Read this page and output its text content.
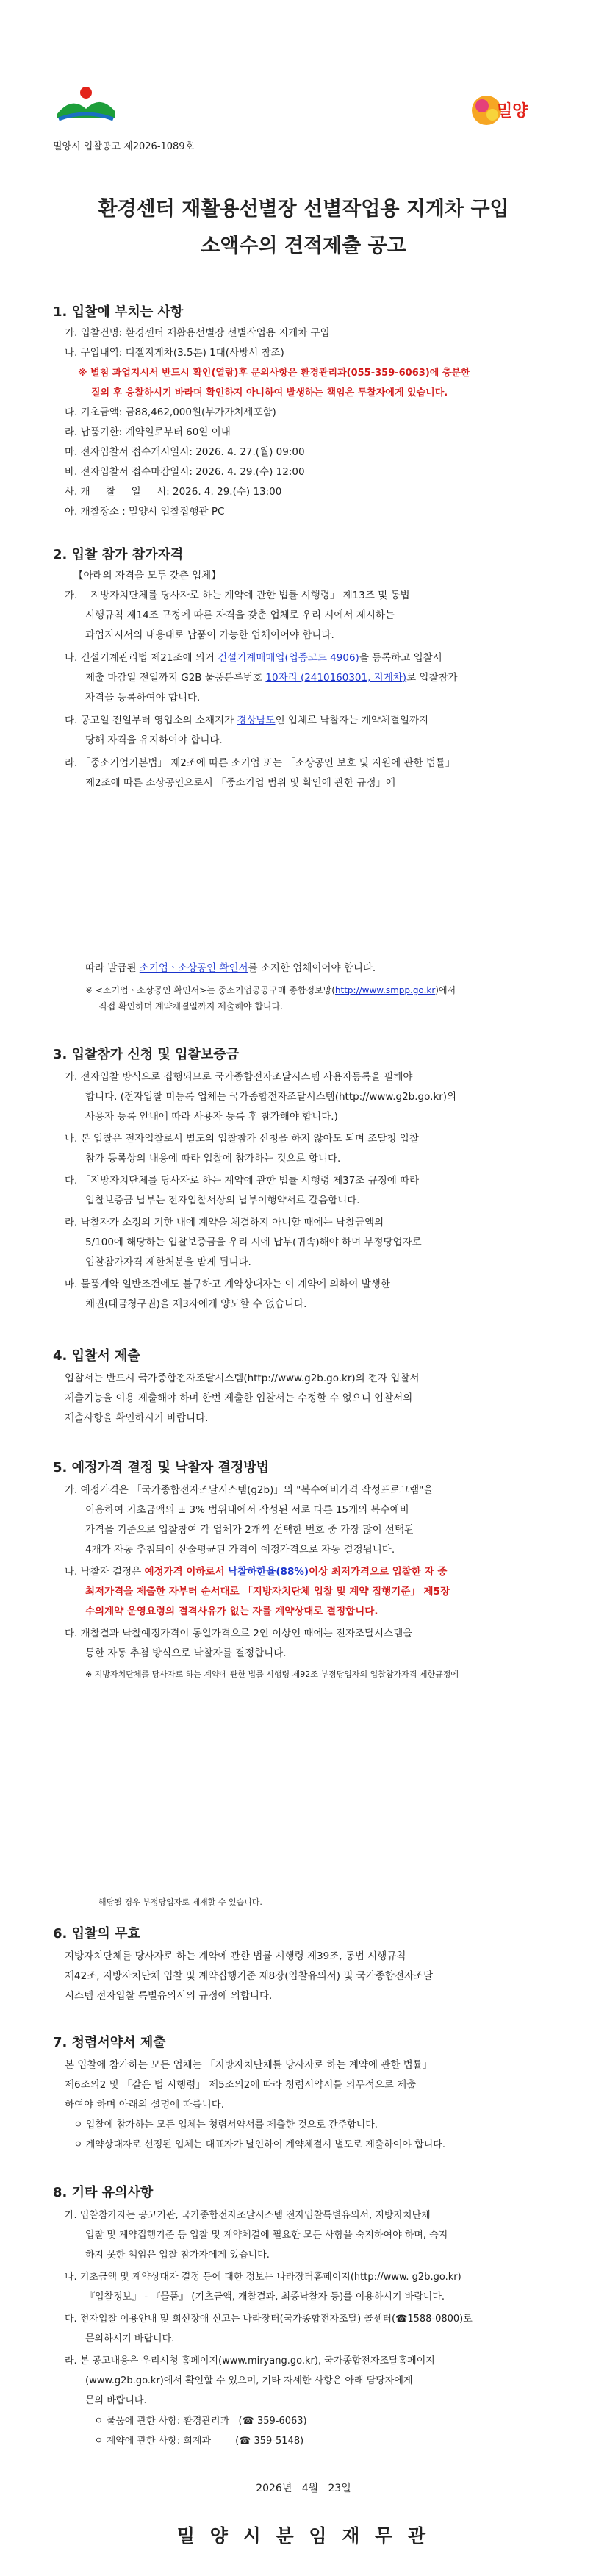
밀양시 입찰공고 제2026-1089호
밀양
환경센터 재활용선별장 선별작업용 지게차 구입
소액수의 견적제출 공고
1. 입찰에 부치는 사항
가. 입찰건명: 환경센터 재활용선별장 선별작업용 지게차 구입
나. 구입내역: 디젤지게차(3.5톤) 1대(사방서 참조)
※ 별첨 과업지시서 반드시 확인(열람)후 문의사항은 환경관리과(055-359-6063)에 충분한
질의 후 응찰하시기 바라며 확인하지 아니하여 발생하는 책임은 투찰자에게 있습니다.
다. 기초금액: 금88,462,000원(부가가치세포함)
라. 납품기한: 계약일로부터 60일 이내
마. 전자입찰서 접수개시일시: 2026. 4. 27.(월) 09:00
바. 전자입찰서 접수마감일시: 2026. 4. 29.(수) 12:00
사. 개     찰     일     시: 2026. 4. 29.(수) 13:00
아. 개찰장소 : 밀양시 입찰집행관 PC
2. 입찰 참가 참가자격
【아래의 자격을 모두 갖춘 업체】
가. 「지방자치단체를 당사자로 하는 계약에 관한 법률 시행령」 제13조 및 동법
시행규칙 제14조 규정에 따른 자격을 갖춘 업체로 우리 시에서 제시하는
과업지시서의 내용대로 납품이 가능한 업체이어야 합니다.
나. 건설기계관리법 제21조에 의거 건설기계매매업(업종코드 4906)을 등록하고 입찰서
제출 마감일 전일까지 G2B 물품분류번호 10자리 (2410160301, 지게차)로 입찰참가
자격을 등록하여야 합니다.
다. 공고일 전일부터 영업소의 소재지가 경상남도인 업체로 낙찰자는 계약체결일까지
당해 자격을 유지하여야 합니다.
라. 「중소기업기본법」 제2조에 따른 소기업 또는 「소상공인 보호 및 지원에 관한 법률」
제2조에 따른 소상공인으로서 「중소기업 범위 및 확인에 관한 규정」에
따라 발급된 소기업ㆍ소상공인 확인서를 소지한 업체이어야 합니다.
※ <소기업ㆍ소상공인 확인서>는 중소기업공공구매 종합정보망(http://www.smpp.go.kr)에서
직접 확인하며 계약체결일까지 제출해야 합니다.
3. 입찰참가 신청 및 입찰보증금
가. 전자입찰 방식으로 집행되므로 국가종합전자조달시스템 사용자등록을 필해야
합니다. (전자입찰 미등록 업체는 국가종합전자조달시스템(http://www.g2b.go.kr)의
사용자 등록 안내에 따라 사용자 등록 후 참가해야 합니다.)
나. 본 입찰은 전자입찰로서 별도의 입찰참가 신청을 하지 않아도 되며 조달청 입찰
참가 등록상의 내용에 따라 입찰에 참가하는 것으로 합니다.
다. 「지방자치단체를 당사자로 하는 계약에 관한 법률 시행령 제37조 규정에 따라
입찰보증금 납부는 전자입찰서상의 납부이행약서로 갈음합니다.
라. 낙찰자가 소정의 기한 내에 계약을 체결하지 아니할 때에는 낙찰금액의
5/100에 해당하는 입찰보증금을 우리 시에 납부(귀속)해야 하며 부정당업자로
입찰참가자격 제한처분을 받게 됩니다.
마. 물품계약 일반조건에도 불구하고 계약상대자는 이 계약에 의하여 발생한
채권(대금청구권)을 제3자에게 양도할 수 없습니다.
4. 입찰서 제출
입찰서는 반드시 국가종합전자조달시스템(http://www.g2b.go.kr)의 전자 입찰서
제출기능을 이용 제출해야 하며 한번 제출한 입찰서는 수정할 수 없으니 입찰서의
제출사항을 확인하시기 바랍니다.
5. 예정가격 결정 및 낙찰자 결정방법
가. 예정가격은 「국가종합전자조달시스템(g2b)」의 "복수예비가격 작성프로그램"을
이용하여 기초금액의 ± 3% 범위내에서 작성된 서로 다른 15개의 복수예비
가격을 기준으로 입찰참여 각 업체가 2개씩 선택한 번호 중 가장 많이 선택된
4개가 자동 추첨되어 산술평균된 가격이 예정가격으로 자동 결정됩니다.
나. 낙찰자 결정은 예정가격 이하로서 낙찰하한율(88%)이상 최저가격으로 입찰한 자 중
최저가격을 제출한 자부터 순서대로 「지방자치단체 입찰 및 계약 집행기준」 제5장
수의계약 운영요령의 결격사유가 없는 자를 계약상대로 결정합니다.
다. 개찰결과 낙찰예정가격이 동일가격으로 2인 이상인 때에는 전자조달시스템을
통한 자동 추첨 방식으로 낙찰자를 결정합니다.
※ 지방자치단체를 당사자로 하는 계약에 관한 법률 시행령 제92조 부정당업자의 입찰참가자격 제한규정에
해당될 경우 부정당업자로 제재할 수 있습니다.
6. 입찰의 무효
지방자치단체를 당사자로 하는 계약에 관한 법률 시행령 제39조, 동법 시행규칙
제42조, 지방자치단체 입찰 및 계약집행기준 제8장(입찰유의서) 및 국가종합전자조달
시스템 전자입찰 특별유의서의 규정에 의합니다.
7. 청렴서약서 제출
본 입찰에 참가하는 모든 업체는 「지방자치단체를 당사자로 하는 계약에 관한 법률」
제6조의2 및 「같은 법 시행령」 제5조의2에 따라 청렴서약서를 의무적으로 제출
하여야 하며 아래의 설명에 따릅니다.
ㅇ 입찰에 참가하는 모든 업체는 청렴서약서를 제출한 것으로 간주합니다.
ㅇ 계약상대자로 선정된 업체는 대표자가 날인하여 계약체결시 별도로 제출하여야 합니다.
8. 기타 유의사항
가. 입찰참가자는 공고기관, 국가종합전자조달시스템 전자입찰특별유의서, 지방자치단체
입찰 및 계약집행기준 등 입찰 및 계약체결에 필요한 모든 사항을 숙지하여야 하며, 숙지
하지 못한 책임은 입찰 참가자에게 있습니다.
나. 기초금액 및 계약상대자 결정 등에 대한 정보는 나라장터홈페이지(http://www. g2b.go.kr)
『입찰정보』 - 『물품』 (기초금액, 개찰결과, 최종낙찰자 등)를 이용하시기 바랍니다.
다. 전자입찰 이용안내 및 회선장애 신고는 나라장터(국가종합전자조달) 콜센터(☎1588-0800)로
문의하시기 바랍니다.
라. 본 공고내용은 우리시청 홈페이지(www.miryang.go.kr), 국가종합전자조달홈페이지
(www.g2b.go.kr)에서 확인할 수 있으며, 기타 자세한 사항은 아래 담당자에게
문의 바랍니다.
ㅇ 물품에 관한 사항: 환경관리과   (☎ 359-6063)
ㅇ 계약에 관한 사항: 회계과        (☎ 359-5148)
2026년   4월   23일
밀 양 시 분 임 재 무 관
